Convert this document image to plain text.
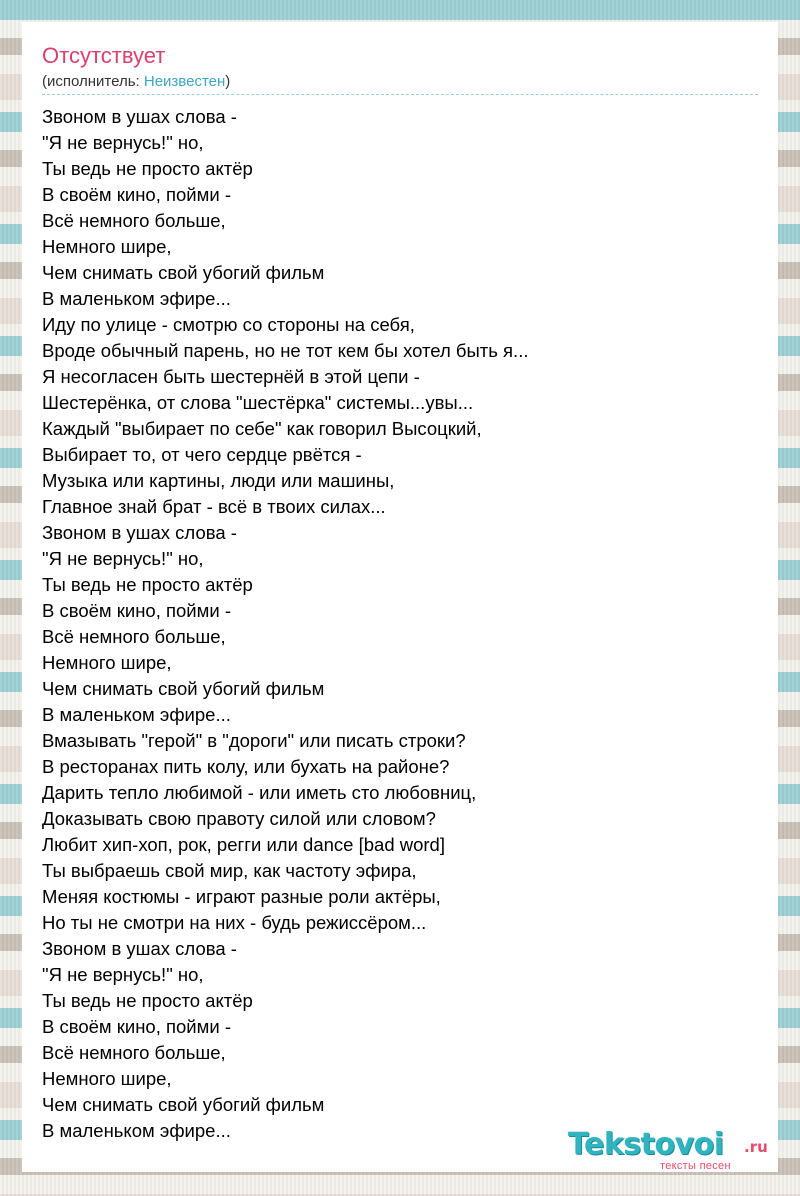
Отсутствует
(исполнитель: Неизвестен)
Звоном в ушах слова -
"Я не вернусь!" но,
Ты ведь не просто актёр
В своём кино, пойми -
Всё немного больше,
Немного шире,
Чем снимать свой убогий фильм
В маленьком эфире...
Иду по улице - смотрю со стороны на себя,
Вроде обычный парень, но не тот кем бы хотел быть я...
Я несогласен быть шестернёй в этой цепи -
Шестерёнка, от слова "шестёрка" системы...увы...
Каждый "выбирает по себе" как говорил Высоцкий,
Выбирает то, от чего сердце рвётся -
Музыка или картины, люди или машины,
Главное знай брат - всё в твоих силах...
Звоном в ушах слова -
"Я не вернусь!" но,
Ты ведь не просто актёр
В своём кино, пойми -
Всё немного больше,
Немного шире,
Чем снимать свой убогий фильм
В маленьком эфире...
Вмазывать "герой" в "дороги" или писать строки?
В ресторанах пить колу, или бухать на районе?
Дарить тепло любимой - или иметь сто любовниц,
Доказывать свою правоту силой или словом?
Любит хип-хоп, рок, регги или dance [bad word]
Ты выбраешь свой мир, как частоту эфира,
Меняя костюмы - играют разные роли актёры,
Но ты не смотри на них - будь режиссёром...
Звоном в ушах слова -
"Я не вернусь!" но,
Ты ведь не просто актёр
В своём кино, пойми -
Всё немного больше,
Немного шире,
Чем снимать свой убогий фильм
В маленьком эфире...	Tekstovoi .ru
тексты песен
